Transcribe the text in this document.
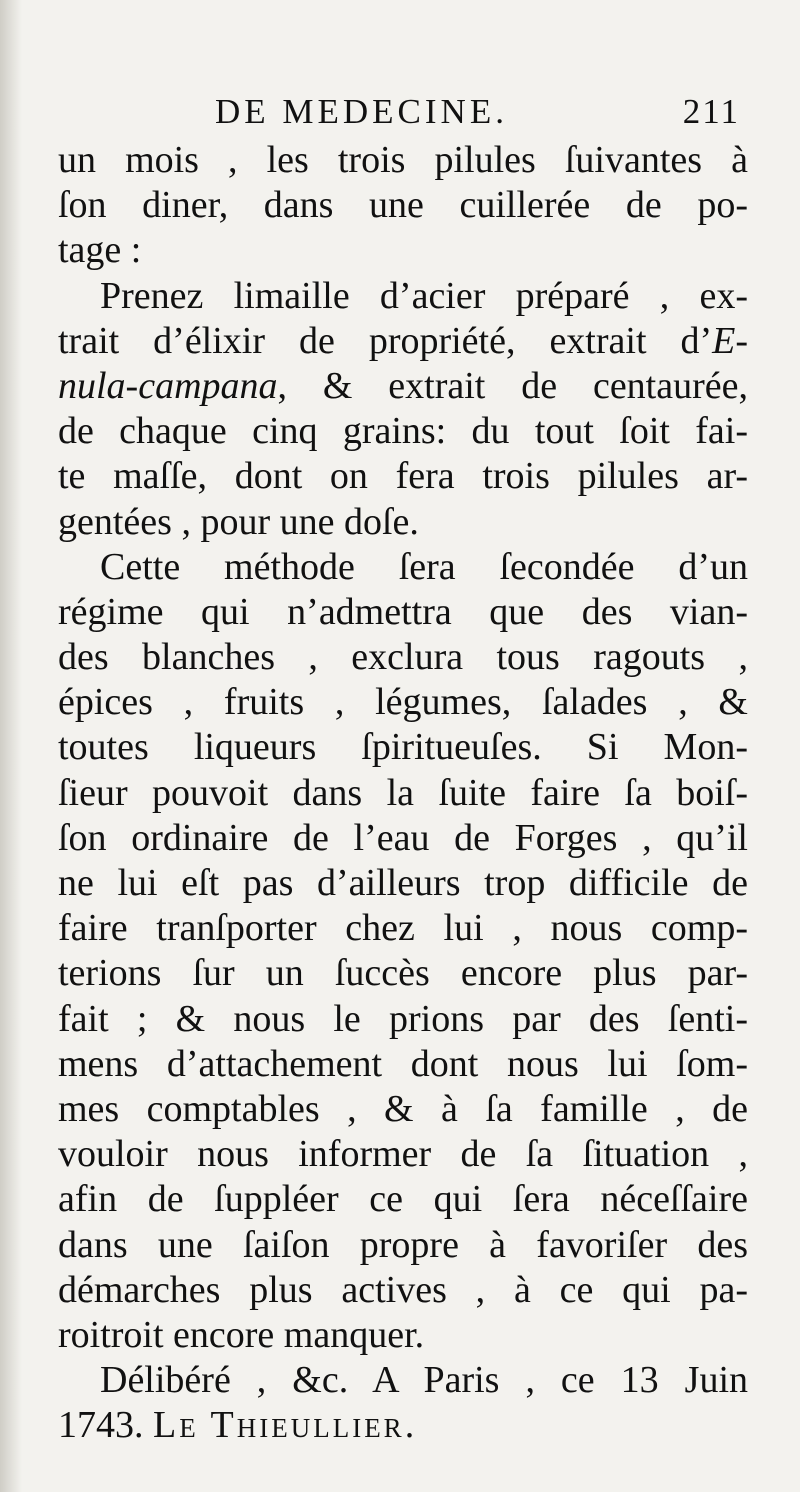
DE MEDECINE.	211
un mois , les trois pilules ſuivantes à
ſon diner, dans une cuillerée de po-
tage :
Prenez limaille d’acier préparé , ex-
trait d’élixir de propriété, extrait d’E-
nula-campana, & extrait de centaurée,
de chaque cinq grains: du tout ſoit fai-
te maſſe, dont on fera trois pilules ar-
gentées , pour une doſe.
Cette méthode ſera ſecondée d’un
régime qui n’admettra que des vian-
des blanches , exclura tous ragouts ,
épices , fruits , légumes, ſalades , &
toutes liqueurs ſpiritueuſes. Si Mon-
ſieur pouvoit dans la ſuite faire ſa boiſ-
ſon ordinaire de l’eau de Forges , qu’il
ne lui eſt pas d’ailleurs trop difficile de
faire tranſporter chez lui , nous comp-
terions ſur un ſuccès encore plus par-
fait ; & nous le prions par des ſenti-
mens d’attachement dont nous lui ſom-
mes comptables , & à ſa famille , de
vouloir nous informer de ſa ſituation ,
afin de ſuppléer ce qui ſera néceſſaire
dans une ſaiſon propre à favoriſer des
démarches plus actives , à ce qui pa-
roitroit encore manquer.
Délibéré , &c. A Paris , ce 13 Juin
1743. Le Thieullier.
